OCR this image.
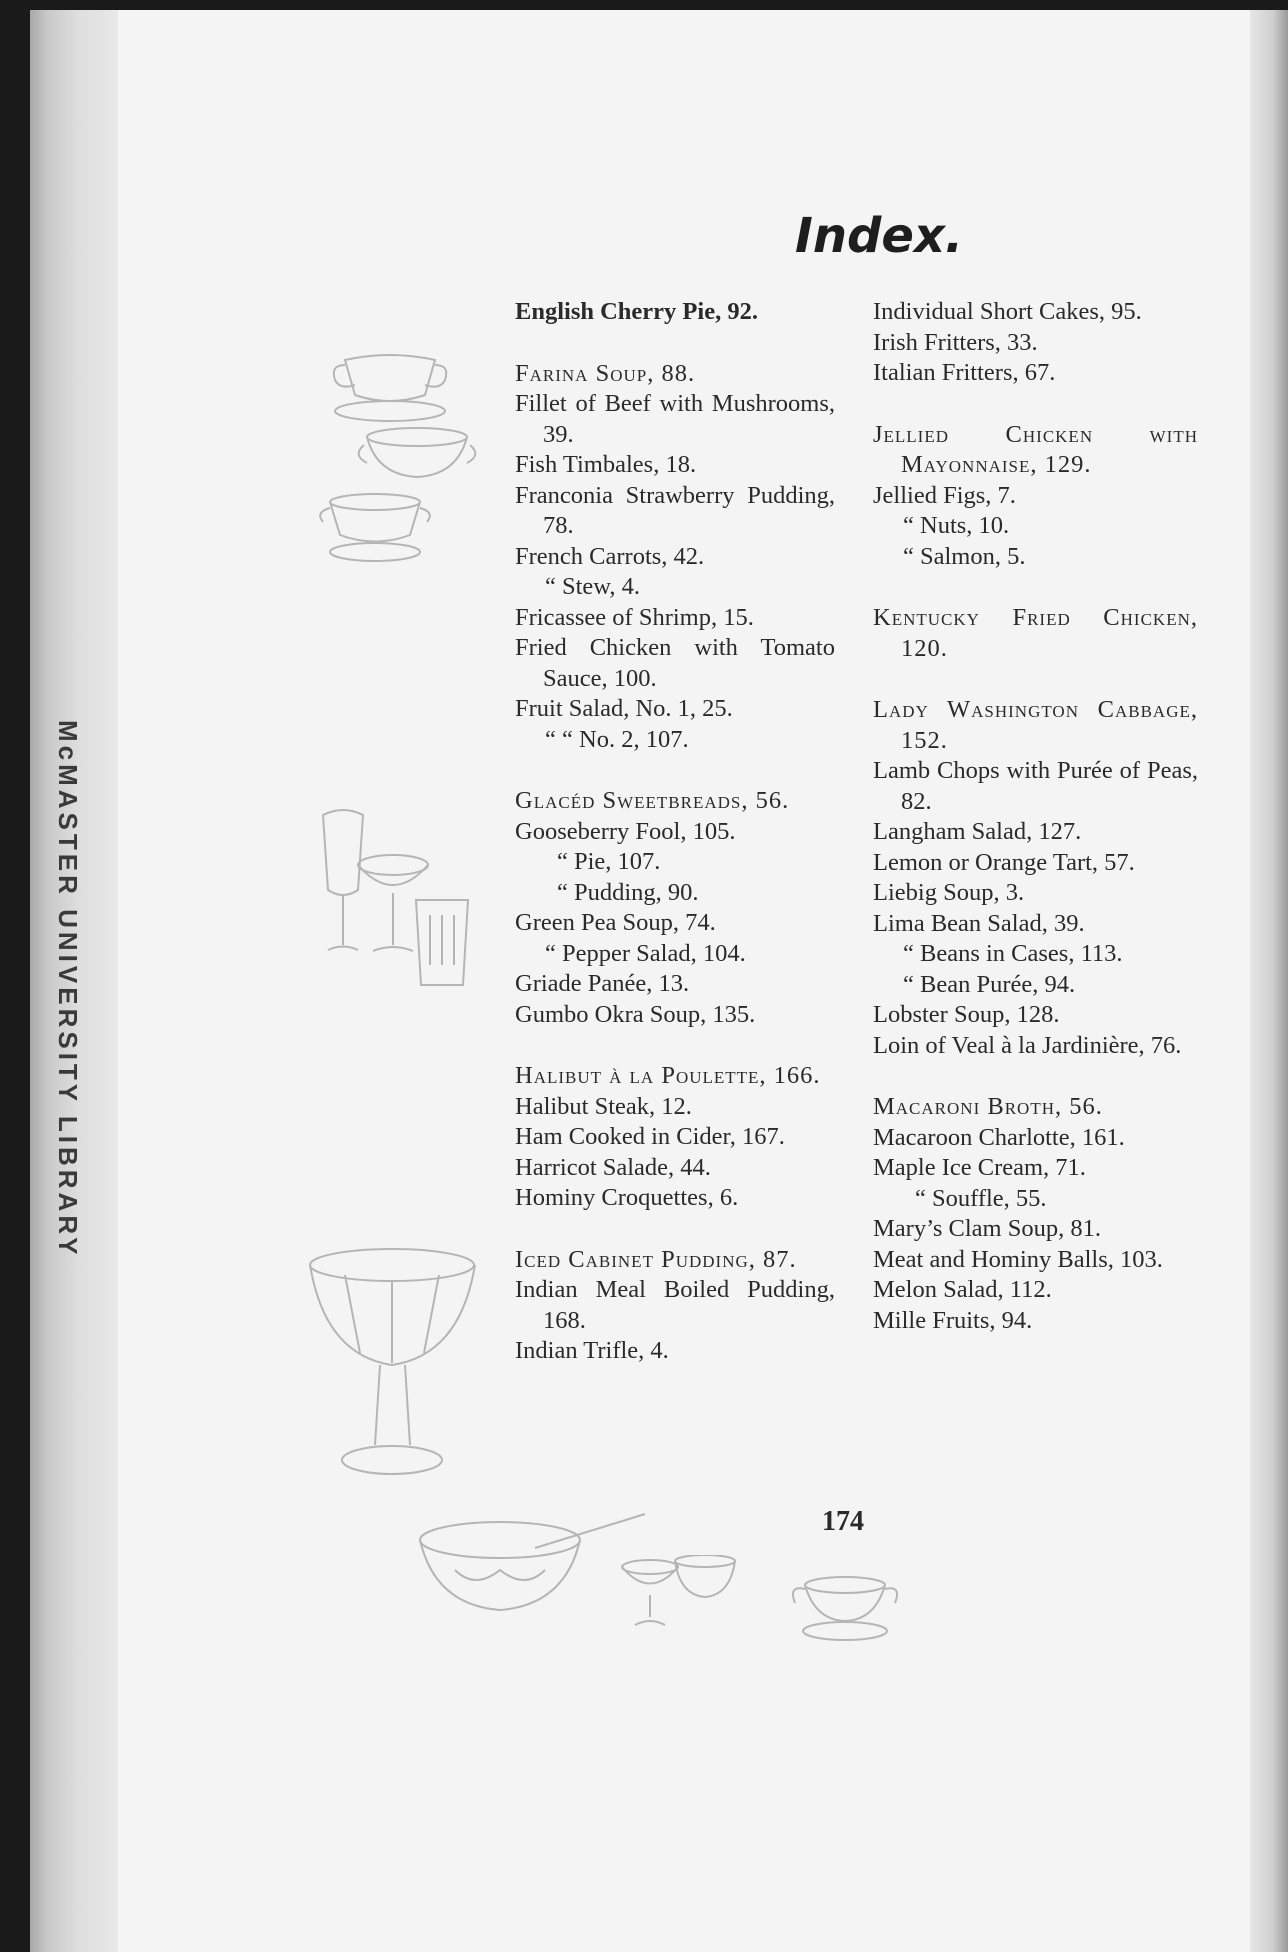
McMASTER UNIVERSITY LIBRARY
Index.
English Cherry Pie, 92.
Farina Soup, 88.
Fillet of Beef with Mushrooms, 39.
Fish Timbales, 18.
Franconia Strawberry Pudding, 78.
French Carrots, 42.
“ Stew, 4.
Fricassee of Shrimp, 15.
Fried Chicken with Tomato Sauce, 100.
Fruit Salad, No. 1, 25.
“ “ No. 2, 107.
Glacéd Sweetbreads, 56.
Gooseberry Fool, 105.
“ Pie, 107.
“ Pudding, 90.
Green Pea Soup, 74.
“ Pepper Salad, 104.
Griade Panée, 13.
Gumbo Okra Soup, 135.
Halibut à la Poulette, 166.
Halibut Steak, 12.
Ham Cooked in Cider, 167.
Harricot Salade, 44.
Hominy Croquettes, 6.
Iced Cabinet Pudding, 87.
Indian Meal Boiled Pudding, 168.
Indian Trifle, 4.
Individual Short Cakes, 95.
Irish Fritters, 33.
Italian Fritters, 67.
Jellied Chicken with Mayonnaise, 129.
Jellied Figs, 7.
“ Nuts, 10.
“ Salmon, 5.
Kentucky Fried Chicken, 120.
Lady Washington Cabbage, 152.
Lamb Chops with Purée of Peas, 82.
Langham Salad, 127.
Lemon or Orange Tart, 57.
Liebig Soup, 3.
Lima Bean Salad, 39.
“ Beans in Cases, 113.
“ Bean Purée, 94.
Lobster Soup, 128.
Loin of Veal à la Jardinière, 76.
Macaroni Broth, 56.
Macaroon Charlotte, 161.
Maple Ice Cream, 71.
“ Souffle, 55.
Mary’s Clam Soup, 81.
Meat and Hominy Balls, 103.
Melon Salad, 112.
Mille Fruits, 94.
174
